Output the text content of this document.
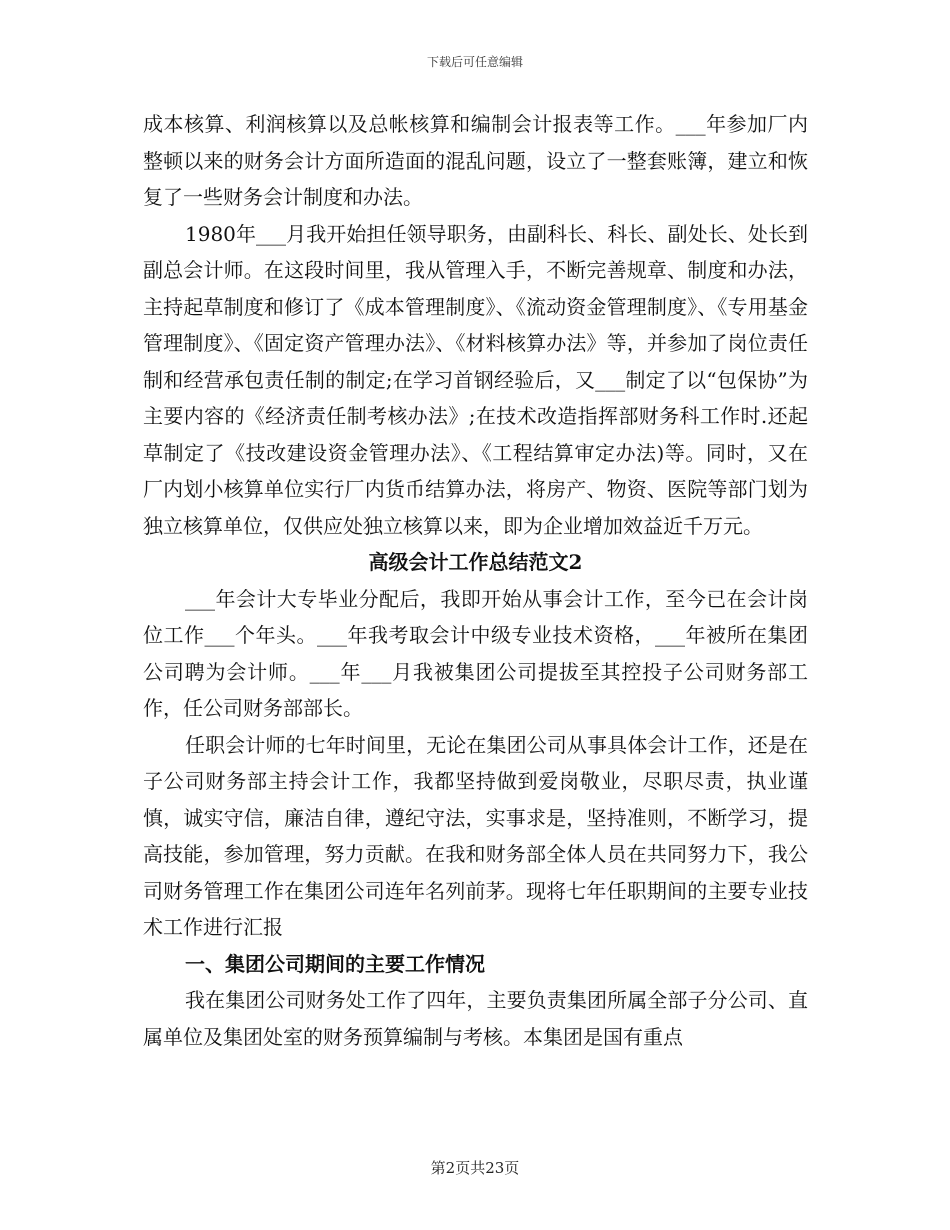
下载后可任意编辑

成本核算、利润核算以及总帐核算和编制会计报表等工作。___年参加厂内整顿以来的财务会计方面所造面的混乱问题，设立了一整套账簿，建立和恢复了一些财务会计制度和办法。

1980年___月我开始担任领导职务，由副科长、科长、副处长、处长到副总会计师。在这段时间里，我从管理入手，不断完善规章、制度和办法，主持起草制度和修订了《成本管理制度》、《流动资金管理制度》、《专用基金管理制度》、《固定资产管理办法》、《材料核算办法》等，并参加了岗位责任制和经营承包责任制的制定;在学习首钢经验后，又___制定了以“包保协”为主要内容的《经济责任制考核办法》;在技术改造指挥部财务科工作时.还起草制定了《技改建设资金管理办法》、《工程结算审定办法)等。同时，又在厂内划小核算单位实行厂内货币结算办法，将房产、物资、医院等部门划为独立核算单位，仅供应处独立核算以来，即为企业增加效益近千万元。

高级会计工作总结范文2

___年会计大专毕业分配后，我即开始从事会计工作，至今已在会计岗位工作___个年头。___年我考取会计中级专业技术资格，___年被所在集团公司聘为会计师。___年___月我被集团公司提拔至其控投子公司财务部工作，任公司财务部部长。

任职会计师的七年时间里，无论在集团公司从事具体会计工作，还是在子公司财务部主持会计工作，我都坚持做到爱岗敬业，尽职尽责，执业谨慎，诚实守信，廉洁自律，遵纪守法，实事求是，坚持准则，不断学习，提高技能，参加管理，努力贡献。在我和财务部全体人员在共同努力下，我公司财务管理工作在集团公司连年名列前茅。现将七年任职期间的主要专业技术工作进行汇报

一、集团公司期间的主要工作情况

我在集团公司财务处工作了四年，主要负责集团所属全部子分公司、直属单位及集团处室的财务预算编制与考核。本集团是国有重点

第2页共23页
